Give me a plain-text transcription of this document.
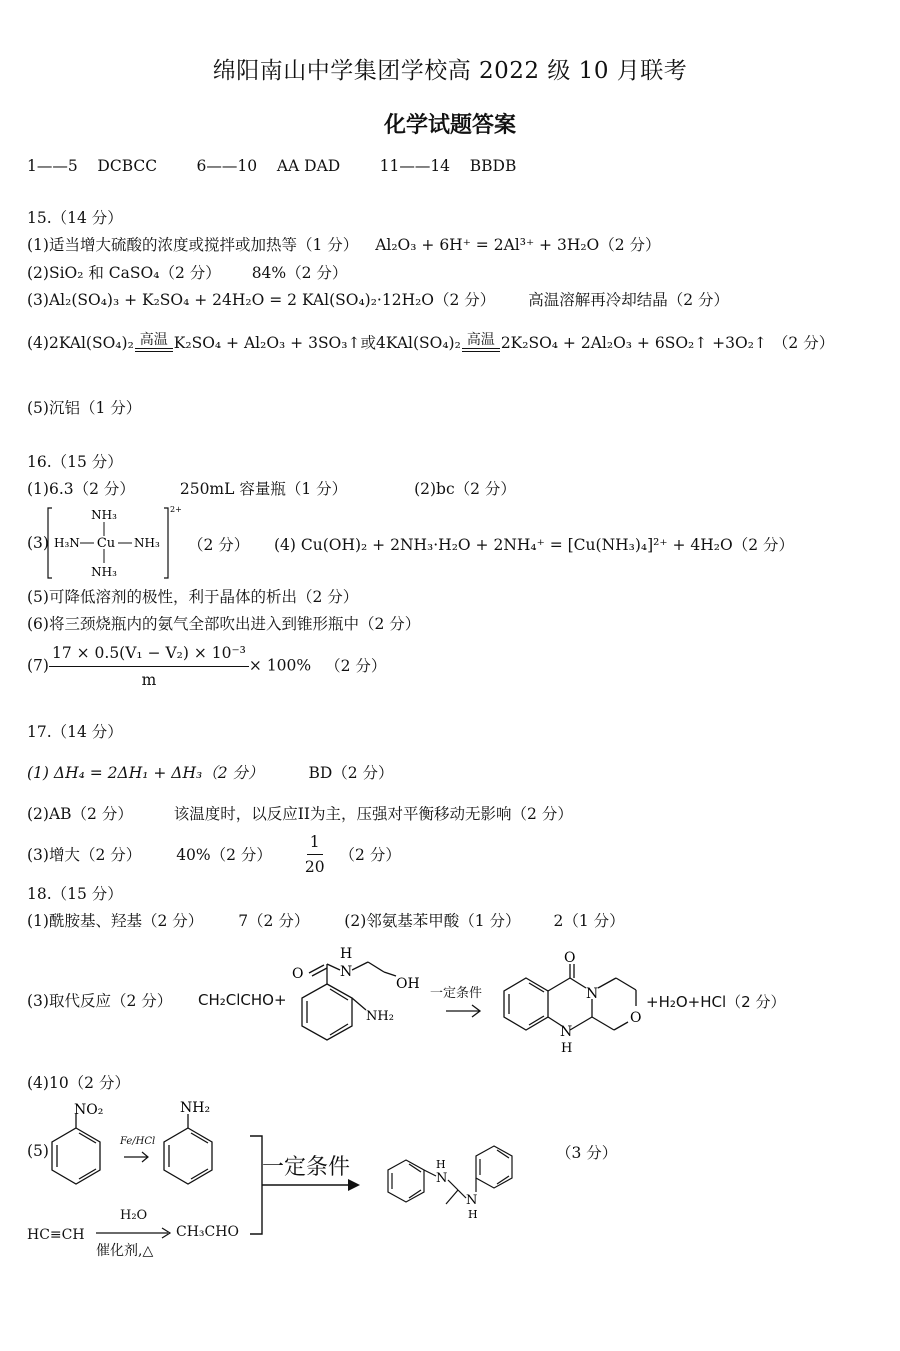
绵阳南山中学集团学校高 2022 级 10 月联考
化学试题答案
1——5    DCBCC        6——10    AA DAD        11——14    BBDB
15.（14 分）
(1)适当增大硫酸的浓度或搅拌或加热等（1 分） Al₂O₃ + 6H⁺ = 2Al³⁺ + 3H₂O（2 分）
(2)SiO₂ 和 CaSO₄（2 分） 84%（2 分）
(3)Al₂(SO₄)₃ + K₂SO₄ + 24H₂O = 2 KAl(SO₄)₂·12H₂O（2 分） 高温溶解再冷却结晶（2 分）
(4)2KAl(SO₄)₂ 高温 K₂SO₄ + Al₂O₃ + 3SO₃↑或4KAl(SO₄)₂ 高温 2K₂SO₄ + 2Al₂O₃ + 6SO₂↑ +3O₂↑ （2 分）
(5)沉铝（1 分）
16.（15 分）
(1)6.3（2 分）	250mL 容量瓶（1 分）	(2)bc（2 分）
(3)
NH₃
H₃N Cu NH₃
NH₃
2+
（2 分） (4) Cu(OH)₂ + 2NH₃·H₂O + 2NH₄⁺ = [Cu(NH₃)₄]²⁺ + 4H₂O（2 分）
(5)可降低溶剂的极性，利于晶体的析出（2 分）
(6)将三颈烧瓶内的氨气全部吹出进入到锥形瓶中（2 分）
$(7) \frac{\text{17 × 0.5(V₁ − V₂) × 10⁻³}}{m} \times 100\%$ （2 分）
17.（14 分）
(1) ΔH₄ = 2ΔH₁ + ΔH₃（2 分）	BD（2 分）
(2)AB（2 分）	该温度时，以反应II为主，压强对平衡移动无影响（2 分）
(3)增大（2 分） 40%（2 分） $\frac{1}{20} (2$ 分）
18.（15 分）
(1)酰胺基、羟基（2 分） 7（2 分） (2)邻氨基苯甲酸（1 分） 2（1 分）
(3)取代反应（2 分） CH₂ClCHO+
O
H
N
OH
NH₂
一定条件
O
N
O
N
H
+H₂O+HCl（2 分）
(4)10（2 分）
(5)
NO₂
Fe/HCl
NH₂
一定条件	N
H
N
H
（3 分）
HC≡CH
H₂O
催化剂,△
CH₃CHO
